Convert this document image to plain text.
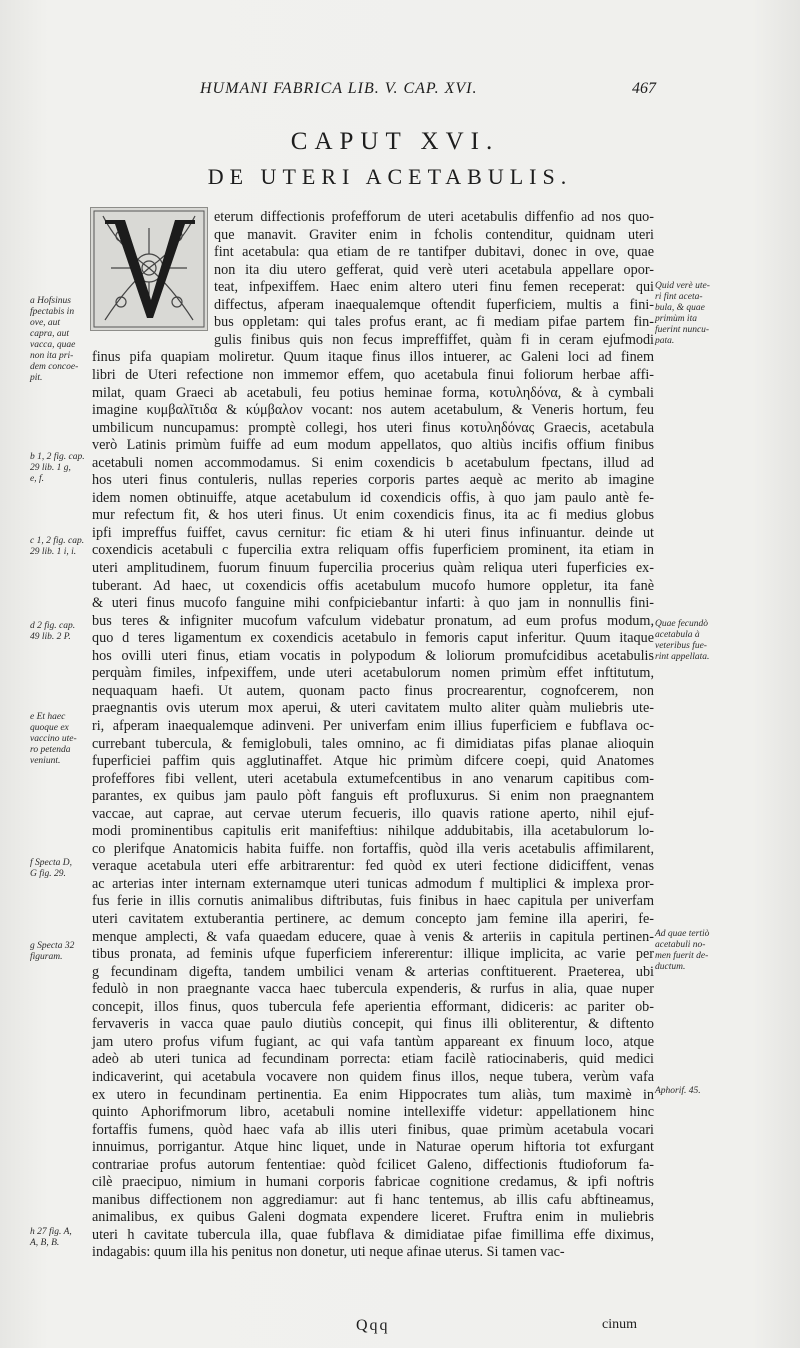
HUMANI FABRICA LIB. V. CAP. XVI.	467
CAPUT XVI.
DE UTERI ACETABULIS.
eterum diffectionis profefforum de uteri acetabulis diffenfio ad nos quo-
que manavit. Graviter enim in fcholis contenditur, quidnam uteri
fint acetabula: qua etiam de re tantifper dubitavi, donec in ove, quae
non ita diu utero gefferat, quid verè uteri acetabula appellare opor-
teat, infpexiffem. Haec enim altero uteri finu femen receperat: qui
diffectus, afperam inaequalemque oftendit fuperficiem, multis a fini-
bus oppletam: qui tales profus erant, ac fi mediam pifae partem fin-
gulis finibus quis non fecus impreffiffet, quàm fi in ceram ejufmodi
finus pifa quapiam moliretur. Quum itaque finus illos intuerer, ac Galeni loci ad finem
libri de Uteri refectione non immemor effem, quo acetabula finui foliorum herbae affi-
milat, quam Graeci ab acetabuli, feu potius heminae forma, κοτυληδόνα, & à cymbali
imagine κυμβαλῖτιδα & κύμβαλον vocant: nos autem acetabulum, & Veneris hortum, feu
umbilicum nuncupamus: promptè collegi, hos uteri finus κοτυληδόνας Graecis, acetabula
verò Latinis primùm fuiffe ad eum modum appellatos, quo altiùs incifis offium finibus
acetabuli nomen accommodamus. Si enim coxendicis b acetabulum fpectans, illud ad
hos uteri finus contuleris, nullas reperies corporis partes aequè ac merito ab imagine
idem nomen obtinuiffe, atque acetabulum id coxendicis offis, à quo jam paulo antè fe-
mur refectum fit, & hos uteri finus. Ut enim coxendicis finus, ita ac fi medius globus
ipfi impreffus fuiffet, cavus cernitur: fic etiam & hi uteri finus infinuantur. deinde ut
coxendicis acetabuli c fupercilia extra reliquam offis fuperficiem prominent, ita etiam in
uteri amplitudinem, fuorum finuum fupercilia procerius quàm reliqua uteri fuperficies ex-
tuberant. Ad haec, ut coxendicis offis acetabulum mucofo humore oppletur, ita fanè
& uteri finus mucofo fanguine mihi confpiciebantur infarti: à quo jam in nonnullis fini-
bus teres & infigniter mucofum vafculum videbatur pronatum, ad eum profus modum,
quo d teres ligamentum ex coxendicis acetabulo in femoris caput inferitur. Quum itaque
hos ovilli uteri finus, etiam vocatis in polypodum & loliorum promufcidibus acetabulis
perquàm fimiles, infpexiffem, unde uteri acetabulorum nomen primùm effet inftitutum,
nequaquam haefi. Ut autem, quonam pacto finus procrearentur, cognofcerem, non
praegnantis ovis uterum mox aperui, & uteri cavitatem multo aliter quàm muliebris ute-
ri, afperam inaequalemque adinveni. Per univerfam enim illius fuperficiem e fubflava oc-
currebant tubercula, & femiglobuli, tales omnino, ac fi dimidiatas pifas planae alioquin
fuperficiei paffim quis agglutinaffet. Atque hic primùm difcere coepi, quid Anatomes
profeffores fibi vellent, uteri acetabula extumefcentibus in ano venarum capitibus com-
parantes, ex quibus jam paulo pòft fanguis eft profluxurus. Si enim non praegnantem
vaccae, aut caprae, aut cervae uterum fecueris, illo quavis ratione aperto, nihil ejuf-
modi prominentibus capitulis erit manifeftius: nihilque addubitabis, illa acetabulorum lo-
co plerifque Anatomicis habita fuiffe. non fortaffis, quòd illa veris acetabulis affimilarent,
veraque acetabula uteri effe arbitrarentur: fed quòd ex uteri fectione didiciffent, venas
ac arterias inter internam externamque uteri tunicas admodum f multiplici & implexa pror-
fus ferie in illis cornutis animalibus diftributas, fuis finibus in haec capitula per univerfam
uteri cavitatem extuberantia pertinere, ac demum concepto jam femine illa aperiri, fe-
menque amplecti, & vafa quaedam educere, quae à venis & arteriis in capitula pertinen-
tibus pronata, ad feminis ufque fuperficiem infererentur: illique implicita, ac varie per
g fecundinam digefta, tandem umbilici venam & arterias conftituerent. Praeterea, ubi
fedulò in non praegnante vacca haec tubercula expenderis, & rurfus in alia, quae nuper
concepit, illos finus, quos tubercula fefe aperientia efformant, didiceris: ac pariter ob-
fervaveris in vacca quae paulo diutiùs concepit, qui finus illi obliterentur, & diftento
jam utero profus vifum fugiant, ac qui vafa tantùm appareant ex finuum loco, atque
adeò ab uteri tunica ad fecundinam porrecta: etiam facilè ratiocinaberis, quid medici
indicaverint, qui acetabula vocavere non quidem finus illos, neque tubera, verùm vafa
ex utero in fecundinam pertinentia. Ea enim Hippocrates tum aliàs, tum maximè in
quinto Aphorifmorum libro, acetabuli nomine intellexiffe videtur: appellationem hinc
fortaffis fumens, quòd haec vafa ab illis uteri finibus, quae primùm acetabula vocari
innuimus, porrigantur. Atque hinc liquet, unde in Naturae operum hiftoria tot exfurgant
contrariae profus autorum fententiae: quòd fcilicet Galeno, diffectionis ftudioforum fa-
cilè praecipuo, nimium in humani corporis fabricae cognitione credamus, & ipfi noftris
manibus diffectionem non aggrediamur: aut fi hanc tentemus, ab illis cafu abftineamus,
animalibus, ex quibus Galeni dogmata expendere liceret. Fruftra enim in muliebris
uteri h cavitate tubercula illa, quae fubflava & dimidiatae pifae fimillima effe diximus,
indagabis: quum illa his penitus non donetur, uti neque afinae uterus. Si tamen vac-
a Hofsinus
fpectabis in
ove, aut
capra, aut
vacca, quae
non ita pri-
dem concoe-
pit.
b 1, 2 fig. cap.
29 lib. 1 g,
e, f.
c 1, 2 fig. cap.
29 lib. 1 i, i.
d 2 fig. cap.
49 lib. 2 P.
e Et haec
quoque ex
vaccino ute-
ro petenda
veniunt.
f Specta D,
G fig. 29.
g Specta 32
figuram.
h 27 fig. A,
A, B, B.
Quid verè ute-
ri fint aceta-
bula, & quae
primùm ita
fuerint nuncu-
pata.
Quae fecundò
acetabula à
veteribus fue-
rint appellata.
Ad quae tertiò
acetabuli no-
men fuerit de-
ductum.
Aphorif. 45.
Qqq	cinum
